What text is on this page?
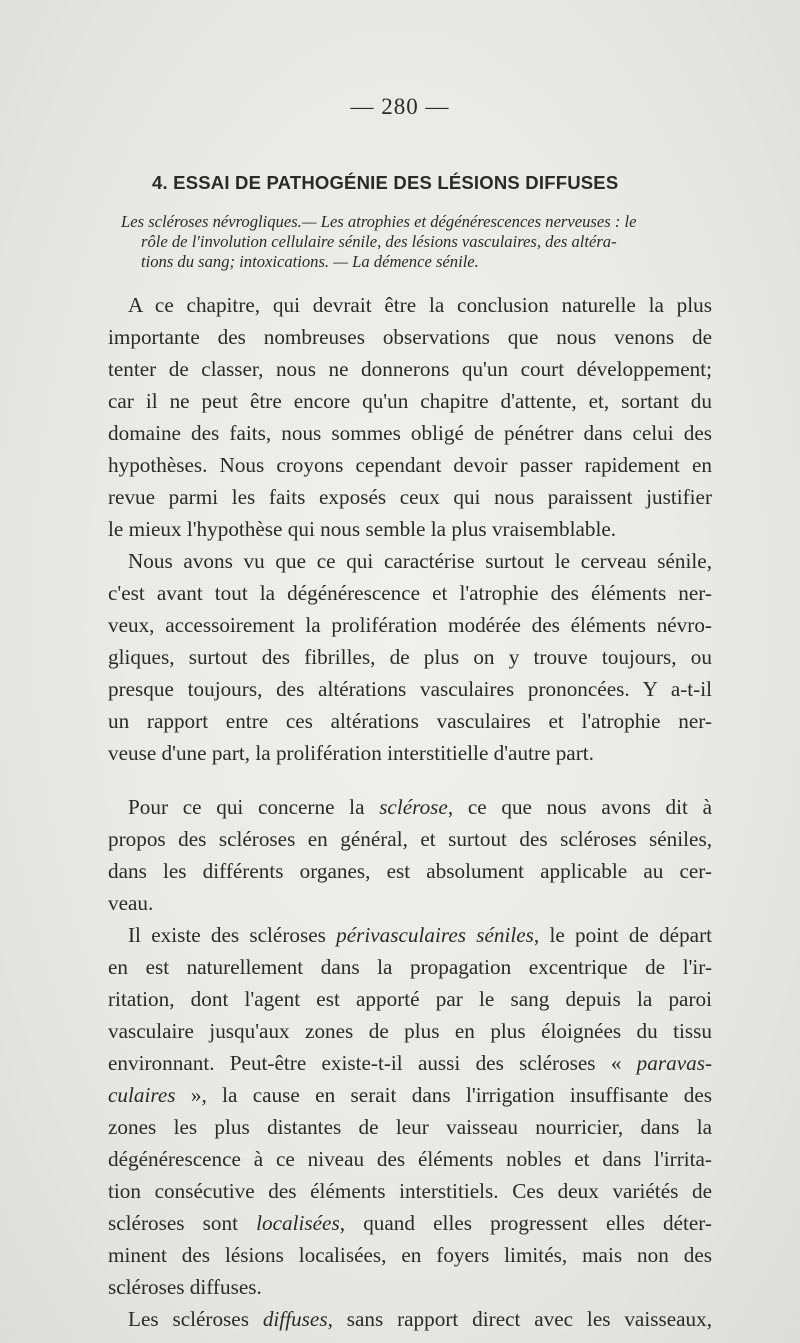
— 280 —
4. ESSAI DE PATHOGÉNIE DES LÉSIONS DIFFUSES
Les scléroses névrogliques.— Les atrophies et dégénérescences nerveuses : le
rôle de l'involution cellulaire sénile, des lésions vasculaires, des altéra-
tions du sang; intoxications. — La démence sénile.
A ce chapitre, qui devrait être la conclusion naturelle la plus
importante des nombreuses observations que nous venons de
tenter de classer, nous ne donnerons qu'un court développement;
car il ne peut être encore qu'un chapitre d'attente, et, sortant du
domaine des faits, nous sommes obligé de pénétrer dans celui des
hypothèses. Nous croyons cependant devoir passer rapidement en
revue parmi les faits exposés ceux qui nous paraissent justifier
le mieux l'hypothèse qui nous semble la plus vraisemblable.
Nous avons vu que ce qui caractérise surtout le cerveau sénile,
c'est avant tout la dégénérescence et l'atrophie des éléments ner-
veux, accessoirement la prolifération modérée des éléments névro-
gliques, surtout des fibrilles, de plus on y trouve toujours, ou
presque toujours, des altérations vasculaires prononcées. Y a-t-il
un rapport entre ces altérations vasculaires et l'atrophie ner-
veuse d'une part, la prolifération interstitielle d'autre part.
Pour ce qui concerne la sclérose, ce que nous avons dit à
propos des scléroses en général, et surtout des scléroses séniles,
dans les différents organes, est absolument applicable au cer-
veau.
Il existe des scléroses périvasculaires séniles, le point de départ
en est naturellement dans la propagation excentrique de l'ir-
ritation, dont l'agent est apporté par le sang depuis la paroi
vasculaire jusqu'aux zones de plus en plus éloignées du tissu
environnant. Peut-être existe-t-il aussi des scléroses « paravas-
culaires », la cause en serait dans l'irrigation insuffisante des
zones les plus distantes de leur vaisseau nourricier, dans la
dégénérescence à ce niveau des éléments nobles et dans l'irrita-
tion consécutive des éléments interstitiels. Ces deux variétés de
scléroses sont localisées, quand elles progressent elles déter-
minent des lésions localisées, en foyers limités, mais non des
scléroses diffuses.
Les scléroses diffuses, sans rapport direct avec les vaisseaux,
